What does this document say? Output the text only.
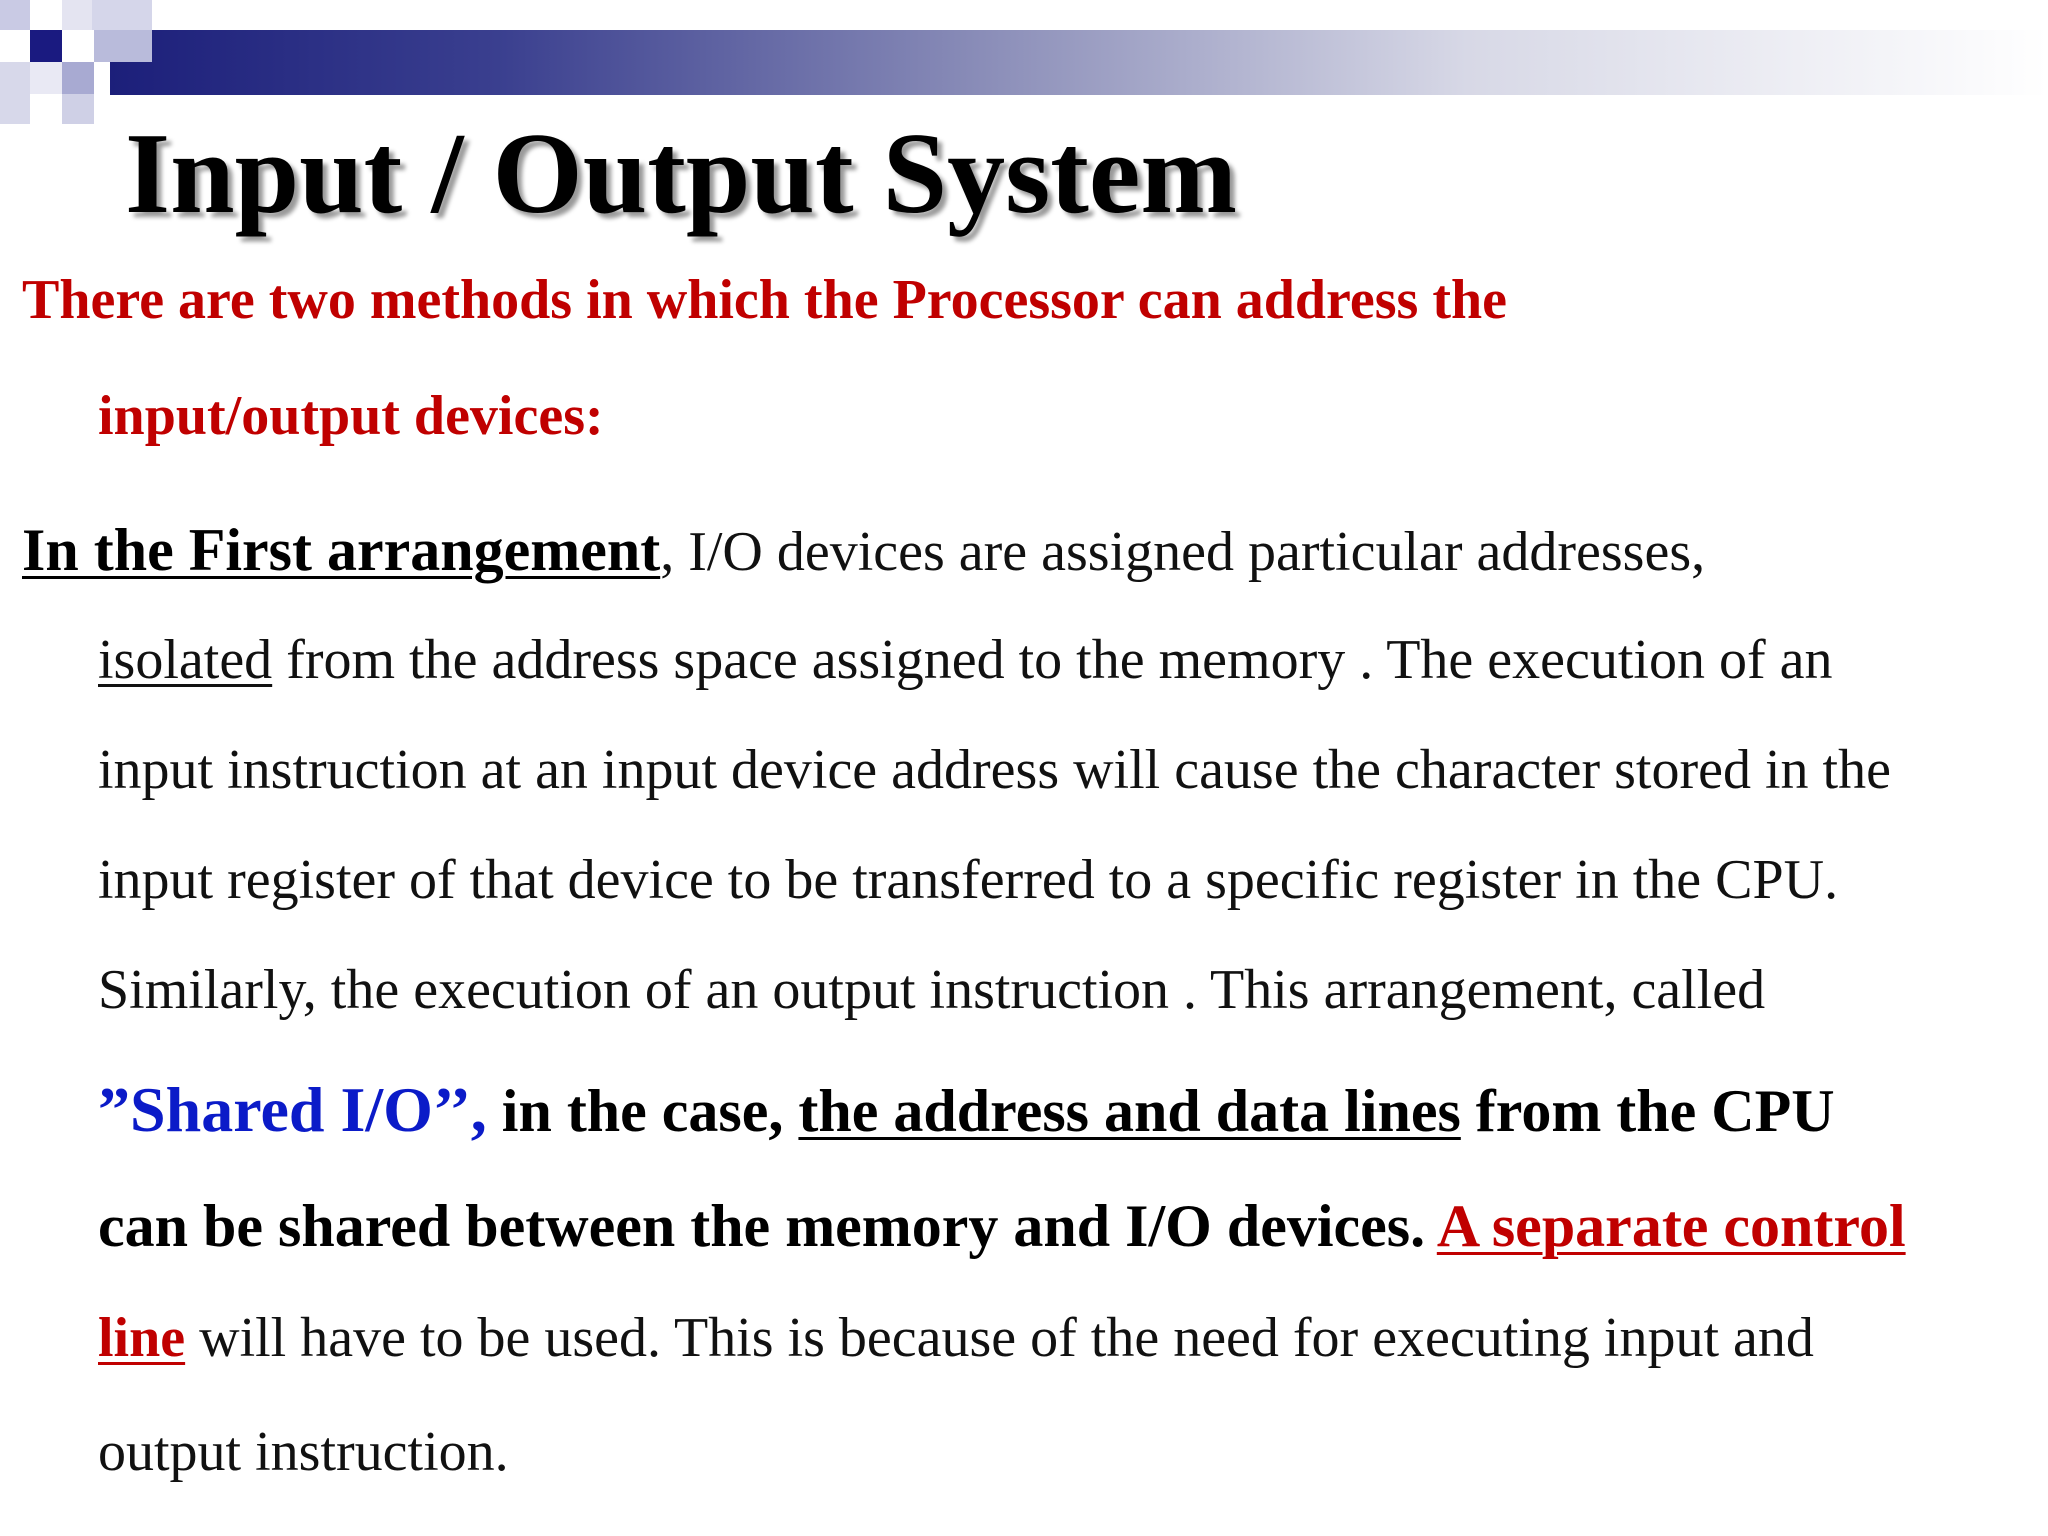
Input / Output System
There are two methods in which the Processor can address the
input/output devices:
In the First arrangement, I/O devices are assigned particular addresses,
isolated from the address space assigned to the memory . The execution of an
input instruction at an input device address will cause the character stored in the
input register of that device to be transferred to a specific register in the CPU.
Similarly, the execution of an output instruction . This arrangement, called
”Shared I/O’’, in the case, the address and data lines from the CPU
can be shared between the memory and I/O devices. A separate control
line will have to be used. This is because of the need for executing input and
output instruction.
